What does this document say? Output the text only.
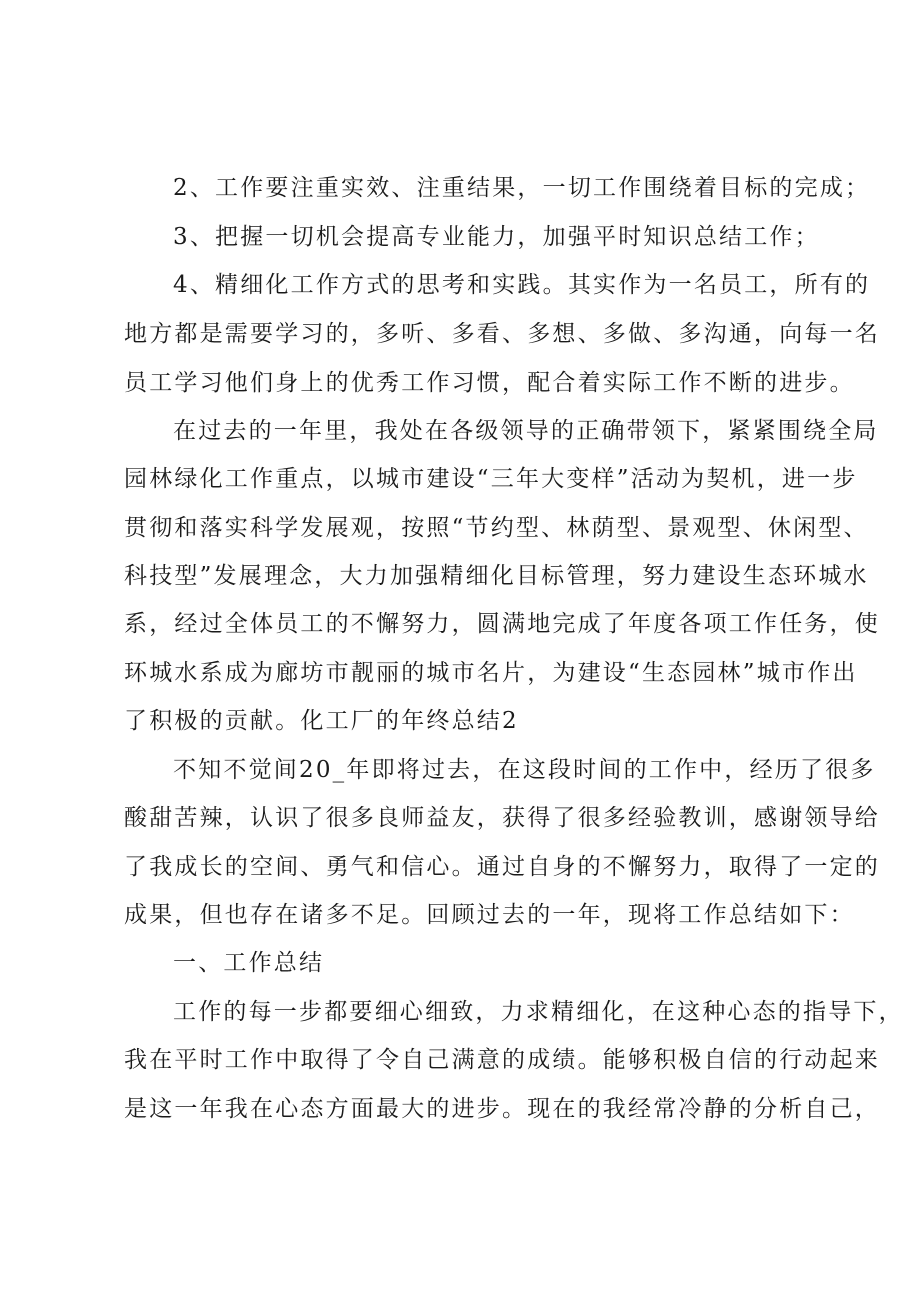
2、工作要注重实效、注重结果，一切工作围绕着目标的完成；
3、把握一切机会提高专业能力，加强平时知识总结工作；
4、精细化工作方式的思考和实践。其实作为一名员工，所有的
地方都是需要学习的，多听、多看、多想、多做、多沟通，向每一名
员工学习他们身上的优秀工作习惯，配合着实际工作不断的进步。
在过去的一年里，我处在各级领导的正确带领下，紧紧围绕全局
园林绿化工作重点，以城市建设“三年大变样”活动为契机，进一步
贯彻和落实科学发展观，按照“节约型、林荫型、景观型、休闲型、
科技型”发展理念，大力加强精细化目标管理，努力建设生态环城水
系，经过全体员工的不懈努力，圆满地完成了年度各项工作任务，使
环城水系成为廊坊市靓丽的城市名片，为建设“生态园林”城市作出
了积极的贡献。化工厂的年终总结2
不知不觉间20_年即将过去，在这段时间的工作中，经历了很多
酸甜苦辣，认识了很多良师益友，获得了很多经验教训，感谢领导给
了我成长的空间、勇气和信心。通过自身的不懈努力，取得了一定的
成果，但也存在诸多不足。回顾过去的一年，现将工作总结如下：
一、工作总结
工作的每一步都要细心细致，力求精细化，在这种心态的指导下，
我在平时工作中取得了令自己满意的成绩。能够积极自信的行动起来
是这一年我在心态方面最大的进步。现在的我经常冷静的分析自己，
